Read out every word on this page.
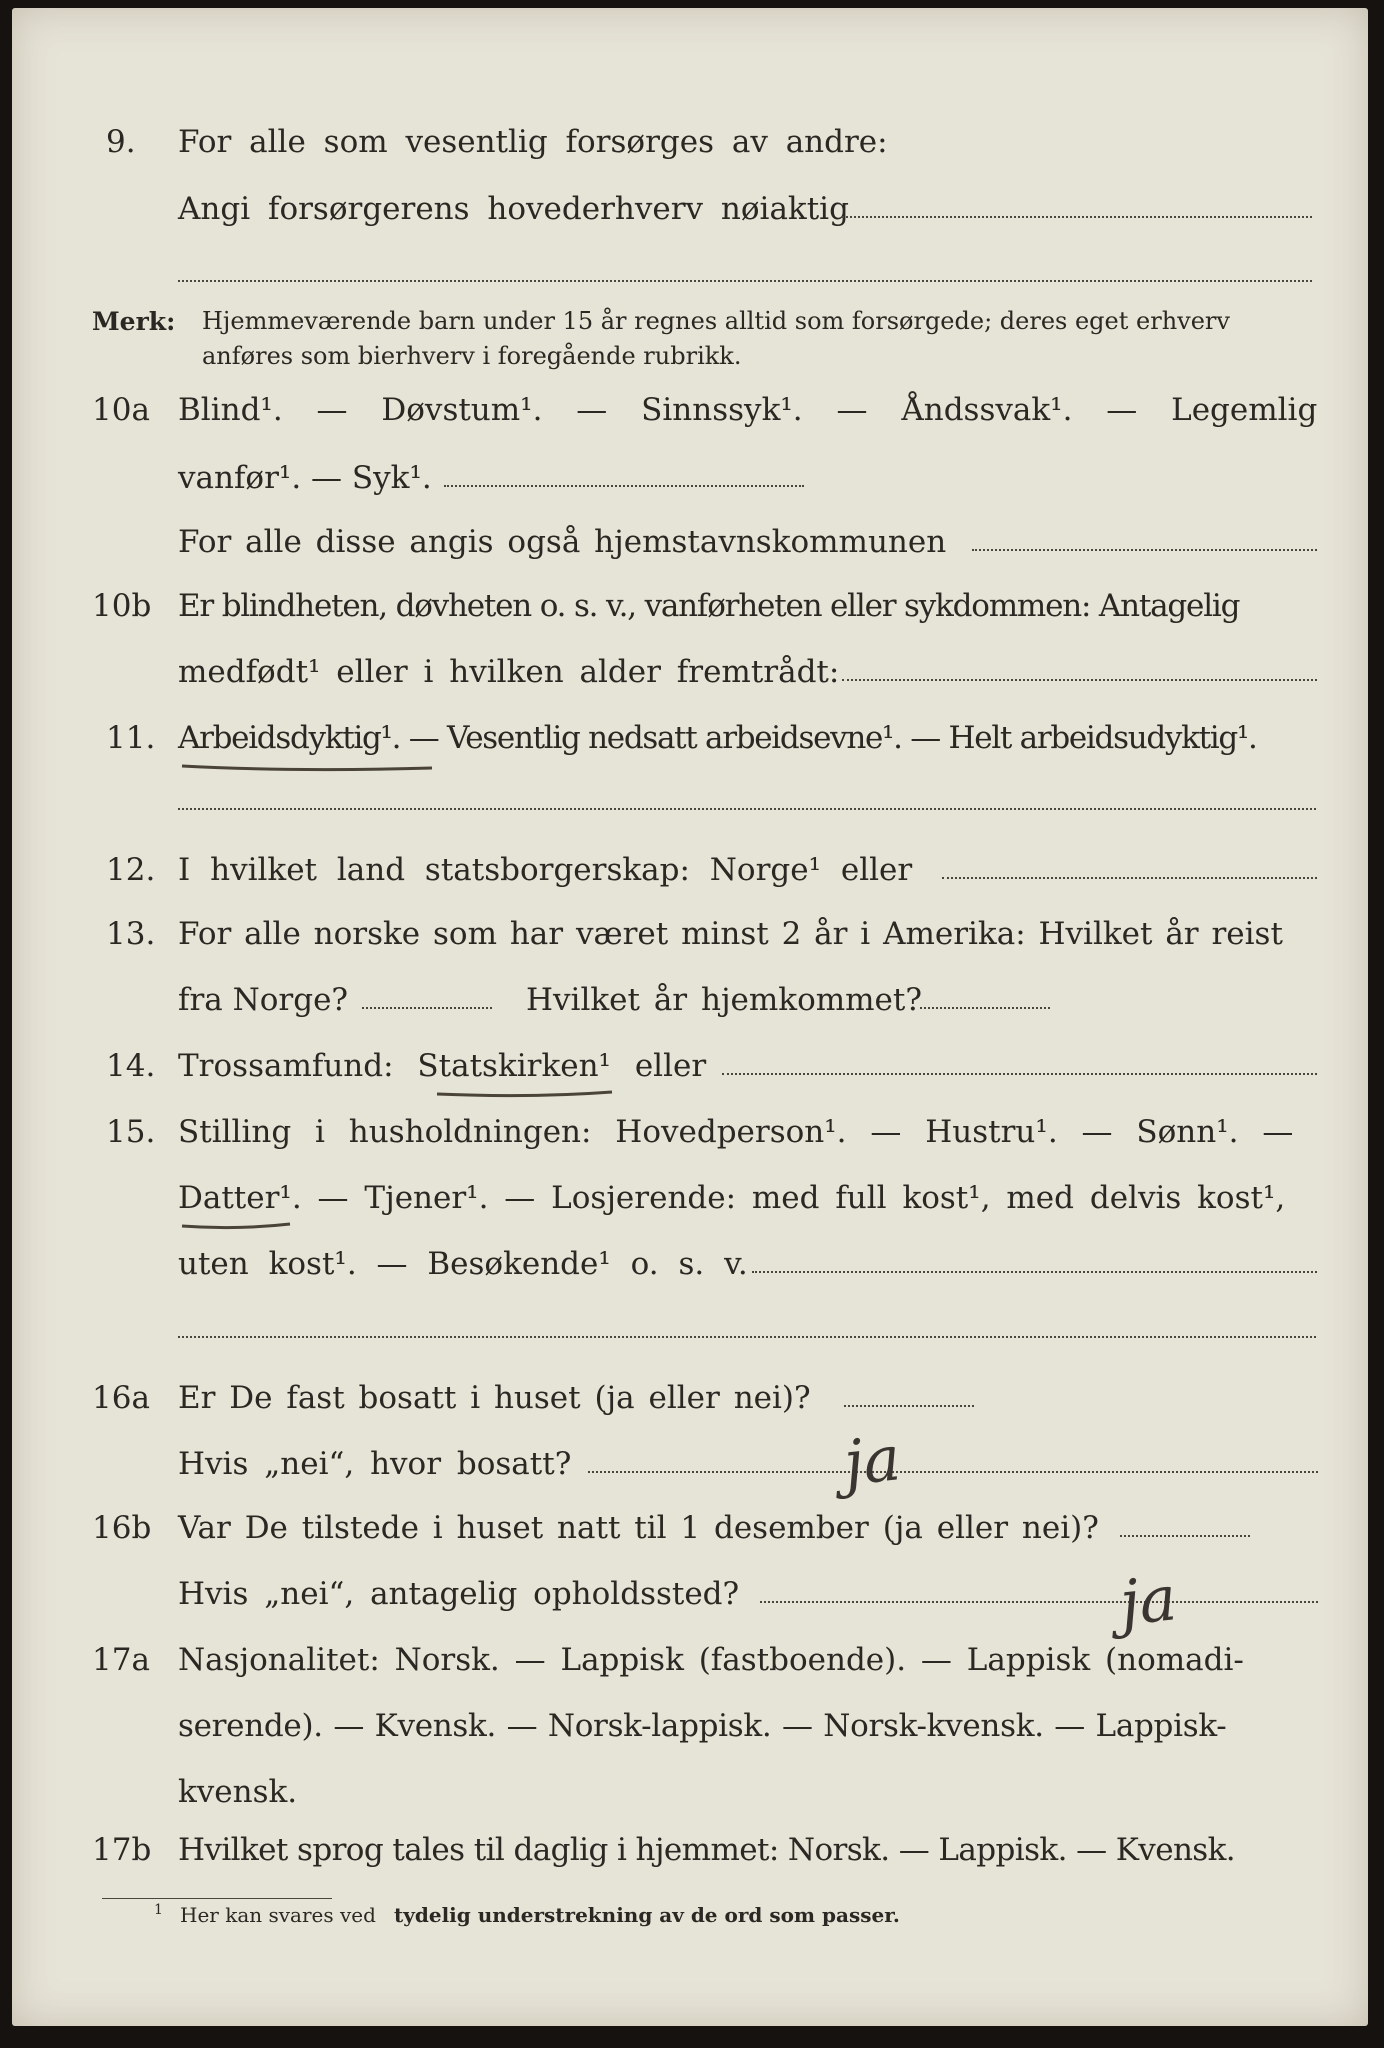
9. For alle som vesentlig forsørges av andre:

Angi forsørgerens hovederhverv nøiaktig

Merk: Hjemmeværende barn under 15 år regnes alltid som forsørgede; deres eget erhverv

anføres som bierhverv i foregående rubrikk.

10a Blind¹. — Døvstum¹. — Sinnssyk¹. — Åndssvak¹. — Legemlig

vanfør¹. — Syk¹.

For alle disse angis også hjemstavnskommunen

10b Er blindheten, døvheten o. s. v., vanførheten eller sykdommen: Antagelig

medfødt¹ eller i hvilken alder fremtrådt:

11. Arbeidsdyktig¹. — Vesentlig nedsatt arbeidsevne¹. — Helt arbeidsudyktig¹.

12. I hvilket land statsborgerskap: Norge¹ eller

13. For alle norske som har været minst 2 år i Amerika: Hvilket år reist

fra Norge?	Hvilket år hjemkommet?

14. Trossamfund: Statskirken¹ eller

15. Stilling i husholdningen: Hovedperson¹. — Hustru¹. — Sønn¹. —

Datter¹. — Tjener¹. — Losjerende: med full kost¹, med delvis kost¹,

uten kost¹. — Besøkende¹ o. s. v.

16a Er De fast bosatt i huset (ja eller nei)?

Hvis „nei“, hvor bosatt?	ja

16b Var De tilstede i huset natt til 1 desember (ja eller nei)?

Hvis „nei“, antagelig opholdssted?	ja

17a Nasjonalitet: Norsk. — Lappisk (fastboende). — Lappisk (nomadi-

serende). — Kvensk. — Norsk-lappisk. — Norsk-kvensk. — Lappisk-

kvensk.

17b Hvilket sprog tales til daglig i hjemmet: Norsk. — Lappisk. — Kvensk.

1 Her kan svares ved tydelig understrekning av de ord som passer.
